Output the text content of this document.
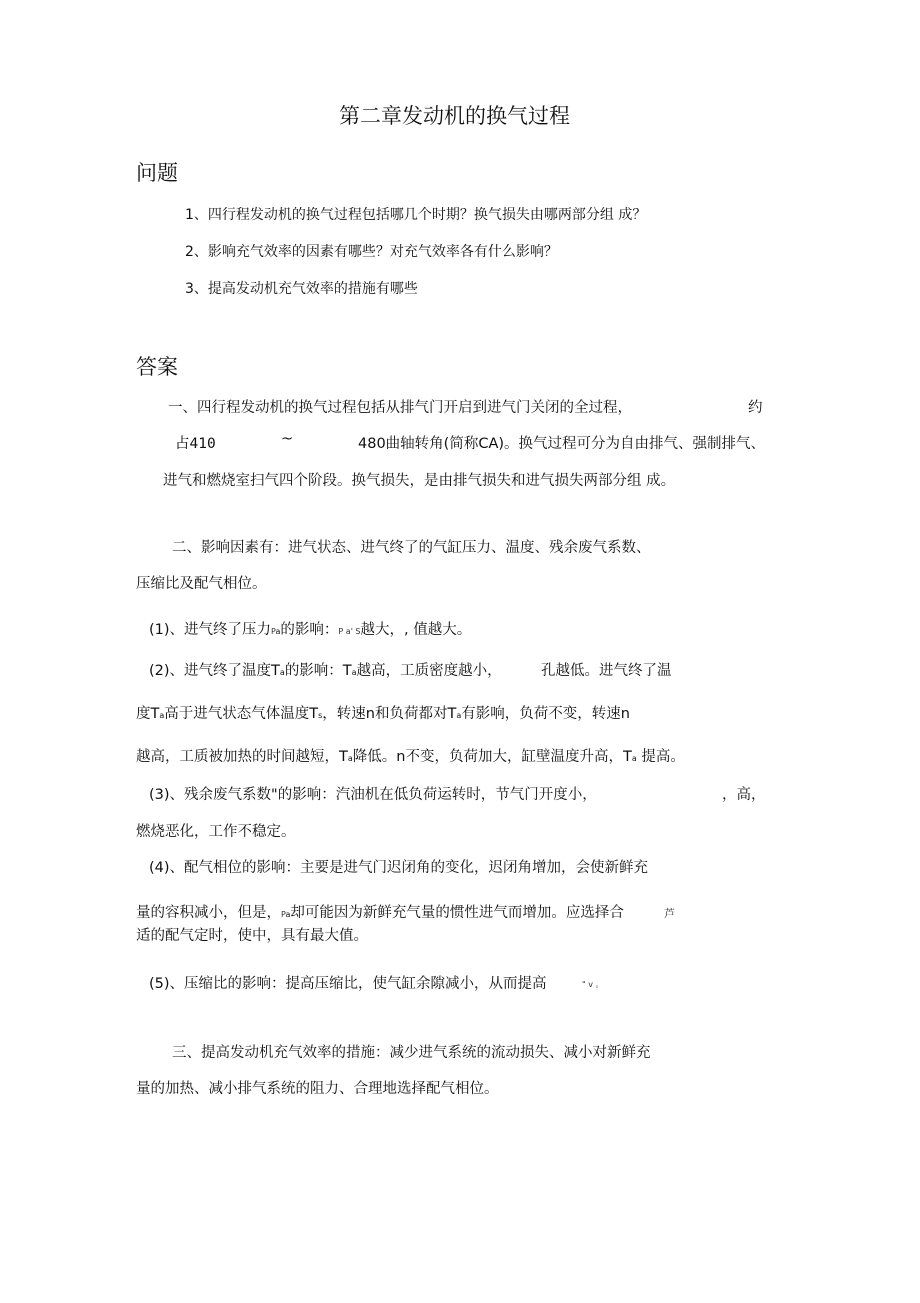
第二章发动机的换气过程
问题

1、四行程发动机的换气过程包括哪几个时期？换气损失由哪两部分组 成？

2、影响充气效率的因素有哪些？对充气效率各有什么影响？

3、提高发动机充气效率的措施有哪些

答案

一、四行程发动机的换气过程包括从排气门开启到进气门关闭的全过程，	约
占410	~	480曲轴转角(简称CA)。换气过程可分为自由排气、强制排气、

进气和燃烧室扫气四个阶段。换气损失，是由排气损失和进气损失两部分组 成。

二、影响因素有：进气状态、进气终了的气缸压力、温度、残余废气系数、

压缩比及配气相位。

(1)、进气终了压力Pa的影响：P a' S越大，, 值越大。

(2)、进气终了温度Ta的影响：Ta越高，工质密度越小，	孔越低。进气终了温

度Ta高于进气状态气体温度Ts，转速n和负荷都对Ta有影响，负荷不变，转速n

越高，工质被加热的时间越短，Ta降低。n不变，负荷加大，缸壁温度升高，Ta 提高。

(3)、残余废气系数"的影响：汽油机在低负荷运转时，节气门开度小，	，高，

燃烧恶化，工作不稳定。

(4)、配气相位的影响：主要是进气门迟闭角的变化，迟闭角增加，会使新鲜充

量的容积减小，但是，Pa却可能因为新鲜充气量的惯性进气而增加。应选择合	芦

适的配气定时，使中，具有最大值。

(5)、压缩比的影响：提高压缩比，使气缸余隙减小，从而提高	" v 。

三、提高发动机充气效率的措施：减少进气系统的流动损失、减小对新鲜充

量的加热、减小排气系统的阻力、合理地选择配气相位。
